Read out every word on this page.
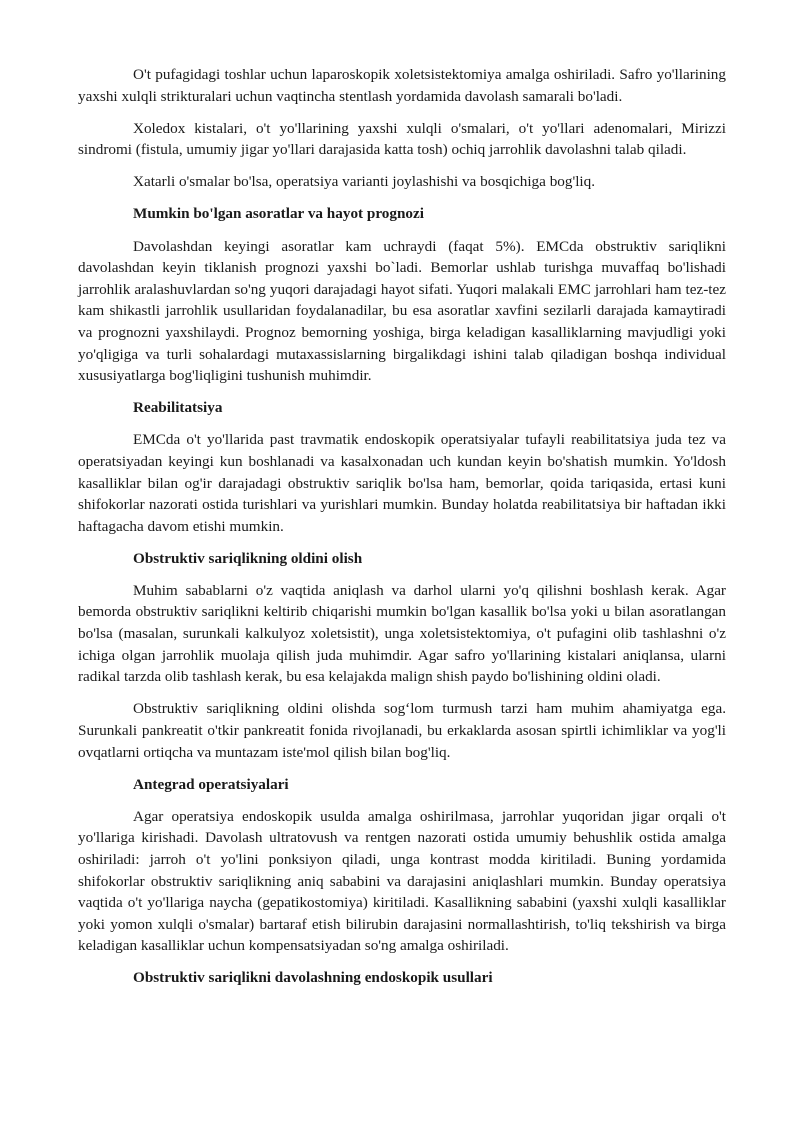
O't pufagidagi toshlar uchun laparoskopik xoletsistektomiya amalga oshiriladi. Safro yo'llarining yaxshi xulqli strikturalari uchun vaqtincha stentlash yordamida davolash samarali bo'ladi.

Xoledox kistalari, o't yo'llarining yaxshi xulqli o'smalari, o't yo'llari adenomalari, Mirizzi sindromi (fistula, umumiy jigar yo'llari darajasida katta tosh) ochiq jarrohlik davolashni talab qiladi.

Xatarli o'smalar bo'lsa, operatsiya varianti joylashishi va bosqichiga bog'liq.

Mumkin bo'lgan asoratlar va hayot prognozi

Davolashdan keyingi asoratlar kam uchraydi (faqat 5%). EMCda obstruktiv sariqlikni davolashdan keyin tiklanish prognozi yaxshi bo`ladi. Bemorlar ushlab turishga muvaffaq bo'lishadi jarrohlik aralashuvlardan so'ng yuqori darajadagi hayot sifati. Yuqori malakali EMC jarrohlari ham tez-tez kam shikastli jarrohlik usullaridan foydalanadilar, bu esa asoratlar xavfini sezilarli darajada kamaytiradi va prognozni yaxshilaydi. Prognoz bemorning yoshiga, birga keladigan kasalliklarning mavjudligi yoki yo'qligiga va turli sohalardagi mutaxassislarning birgalikdagi ishini talab qiladigan boshqa individual xususiyatlarga bog'liqligini tushunish muhimdir.

Reabilitatsiya

EMCda o't yo'llarida past travmatik endoskopik operatsiyalar tufayli reabilitatsiya juda tez va operatsiyadan keyingi kun boshlanadi va kasalxonadan uch kundan keyin bo'shatish mumkin. Yo'ldosh kasalliklar bilan og'ir darajadagi obstruktiv sariqlik bo'lsa ham, bemorlar, qoida tariqasida, ertasi kuni shifokorlar nazorati ostida turishlari va yurishlari mumkin. Bunday holatda reabilitatsiya bir haftadan ikki haftagacha davom etishi mumkin.

Obstruktiv sariqlikning oldini olish

Muhim sabablarni o'z vaqtida aniqlash va darhol ularni yo'q qilishni boshlash kerak. Agar bemorda obstruktiv sariqlikni keltirib chiqarishi mumkin bo'lgan kasallik bo'lsa yoki u bilan asoratlangan bo'lsa (masalan, surunkali kalkulyoz xoletsistit), unga xoletsistektomiya, o't pufagini olib tashlashni o'z ichiga olgan jarrohlik muolaja qilish juda muhimdir. Agar safro yo'llarining kistalari aniqlansa, ularni radikal tarzda olib tashlash kerak, bu esa kelajakda malign shish paydo bo'lishining oldini oladi.

Obstruktiv sariqlikning oldini olishda sog‘lom turmush tarzi ham muhim ahamiyatga ega. Surunkali pankreatit o'tkir pankreatit fonida rivojlanadi, bu erkaklarda asosan spirtli ichimliklar va yog'li ovqatlarni ortiqcha va muntazam iste'mol qilish bilan bog'liq.

Antegrad operatsiyalari

Agar operatsiya endoskopik usulda amalga oshirilmasa, jarrohlar yuqoridan jigar orqali o't yo'llariga kirishadi. Davolash ultratovush va rentgen nazorati ostida umumiy behushlik ostida amalga oshiriladi: jarroh o't yo'lini ponksiyon qiladi, unga kontrast modda kiritiladi. Buning yordamida shifokorlar obstruktiv sariqlikning aniq sababini va darajasini aniqlashlari mumkin. Bunday operatsiya vaqtida o't yo'llariga naycha (gepatikostomiya) kiritiladi. Kasallikning sababini (yaxshi xulqli kasalliklar yoki yomon xulqli o'smalar) bartaraf etish bilirubin darajasini normallashtirish, to'liq tekshirish va birga keladigan kasalliklar uchun kompensatsiyadan so'ng amalga oshiriladi.

Obstruktiv sariqlikni davolashning endoskopik usullari
